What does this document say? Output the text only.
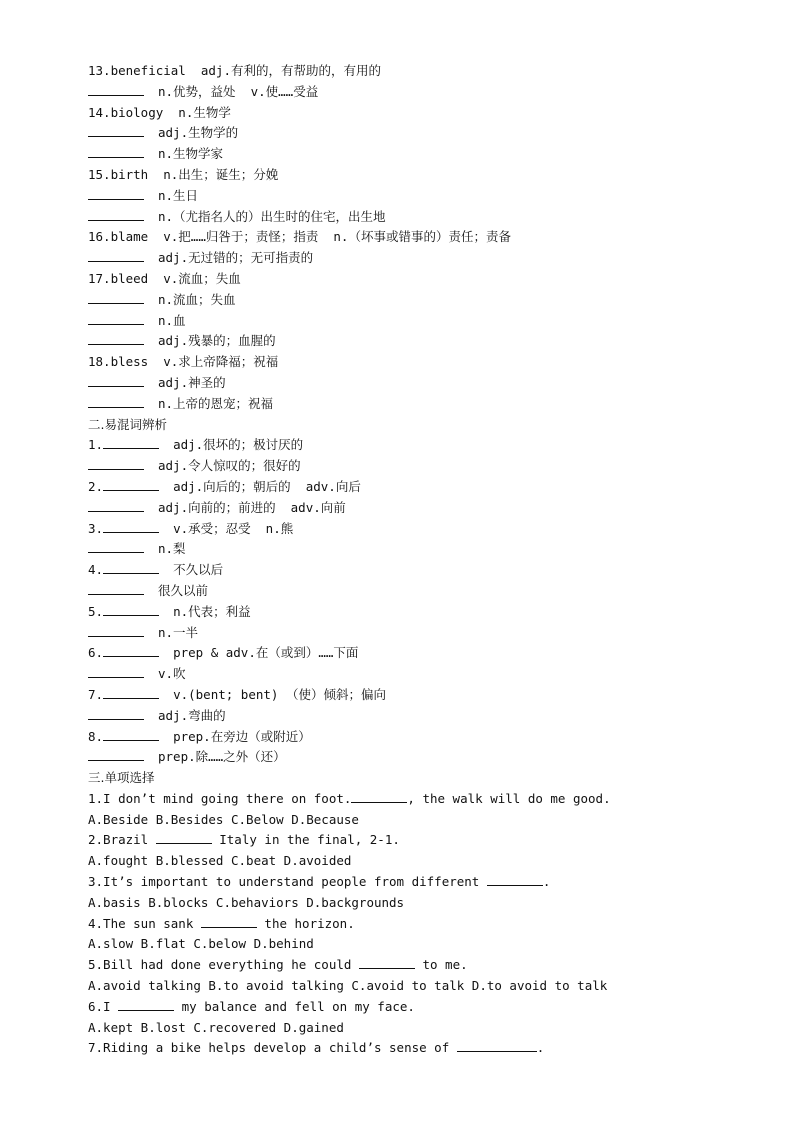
13.beneficial  adj.有利的，有帮助的，有用的
n.优势，益处  v.使……受益
14.biology  n.生物学
adj.生物学的
n.生物学家
15.birth  n.出生；诞生；分娩
n.生日
n.（尤指名人的）出生时的住宅，出生地
16.blame  v.把……归咎于；责怪；指责  n.（坏事或错事的）责任；责备
adj.无过错的；无可指责的
17.bleed  v.流血；失血
n.流血；失血
n.血
adj.残暴的；血腥的
18.bless  v.求上帝降福；祝福
adj.神圣的
n.上帝的恩宠；祝福
二.易混词辨析
1.	adj.很坏的；极讨厌的
adj.令人惊叹的；很好的
2.	adj.向后的；朝后的  adv.向后
adj.向前的；前进的  adv.向前
3.	v.承受；忍受  n.熊
n.梨
4.	不久以后
很久以前
5.	n.代表；利益
n.一半
6.	prep & adv.在（或到）……下面
v.吹
7.	v.(bent; bent) （使）倾斜；偏向
adj.弯曲的
8.	prep.在旁边（或附近）
prep.除……之外（还）
三.单项选择
1.I don’t mind going there on foot.	, the walk will do me good.
A.Beside B.Besides C.Below D.Because
2.Brazil	Italy in the final, 2-1.
A.fought B.blessed C.beat D.avoided
3.It’s important to understand people from different	.
A.basis B.blocks C.behaviors D.backgrounds
4.The sun sank	the horizon.
A.slow B.flat C.below D.behind
5.Bill had done everything he could	to me.
A.avoid talking B.to avoid talking C.avoid to talk D.to avoid to talk
6.I	my balance and fell on my face.
A.kept B.lost C.recovered D.gained
7.Riding a bike helps develop a child’s sense of	.
